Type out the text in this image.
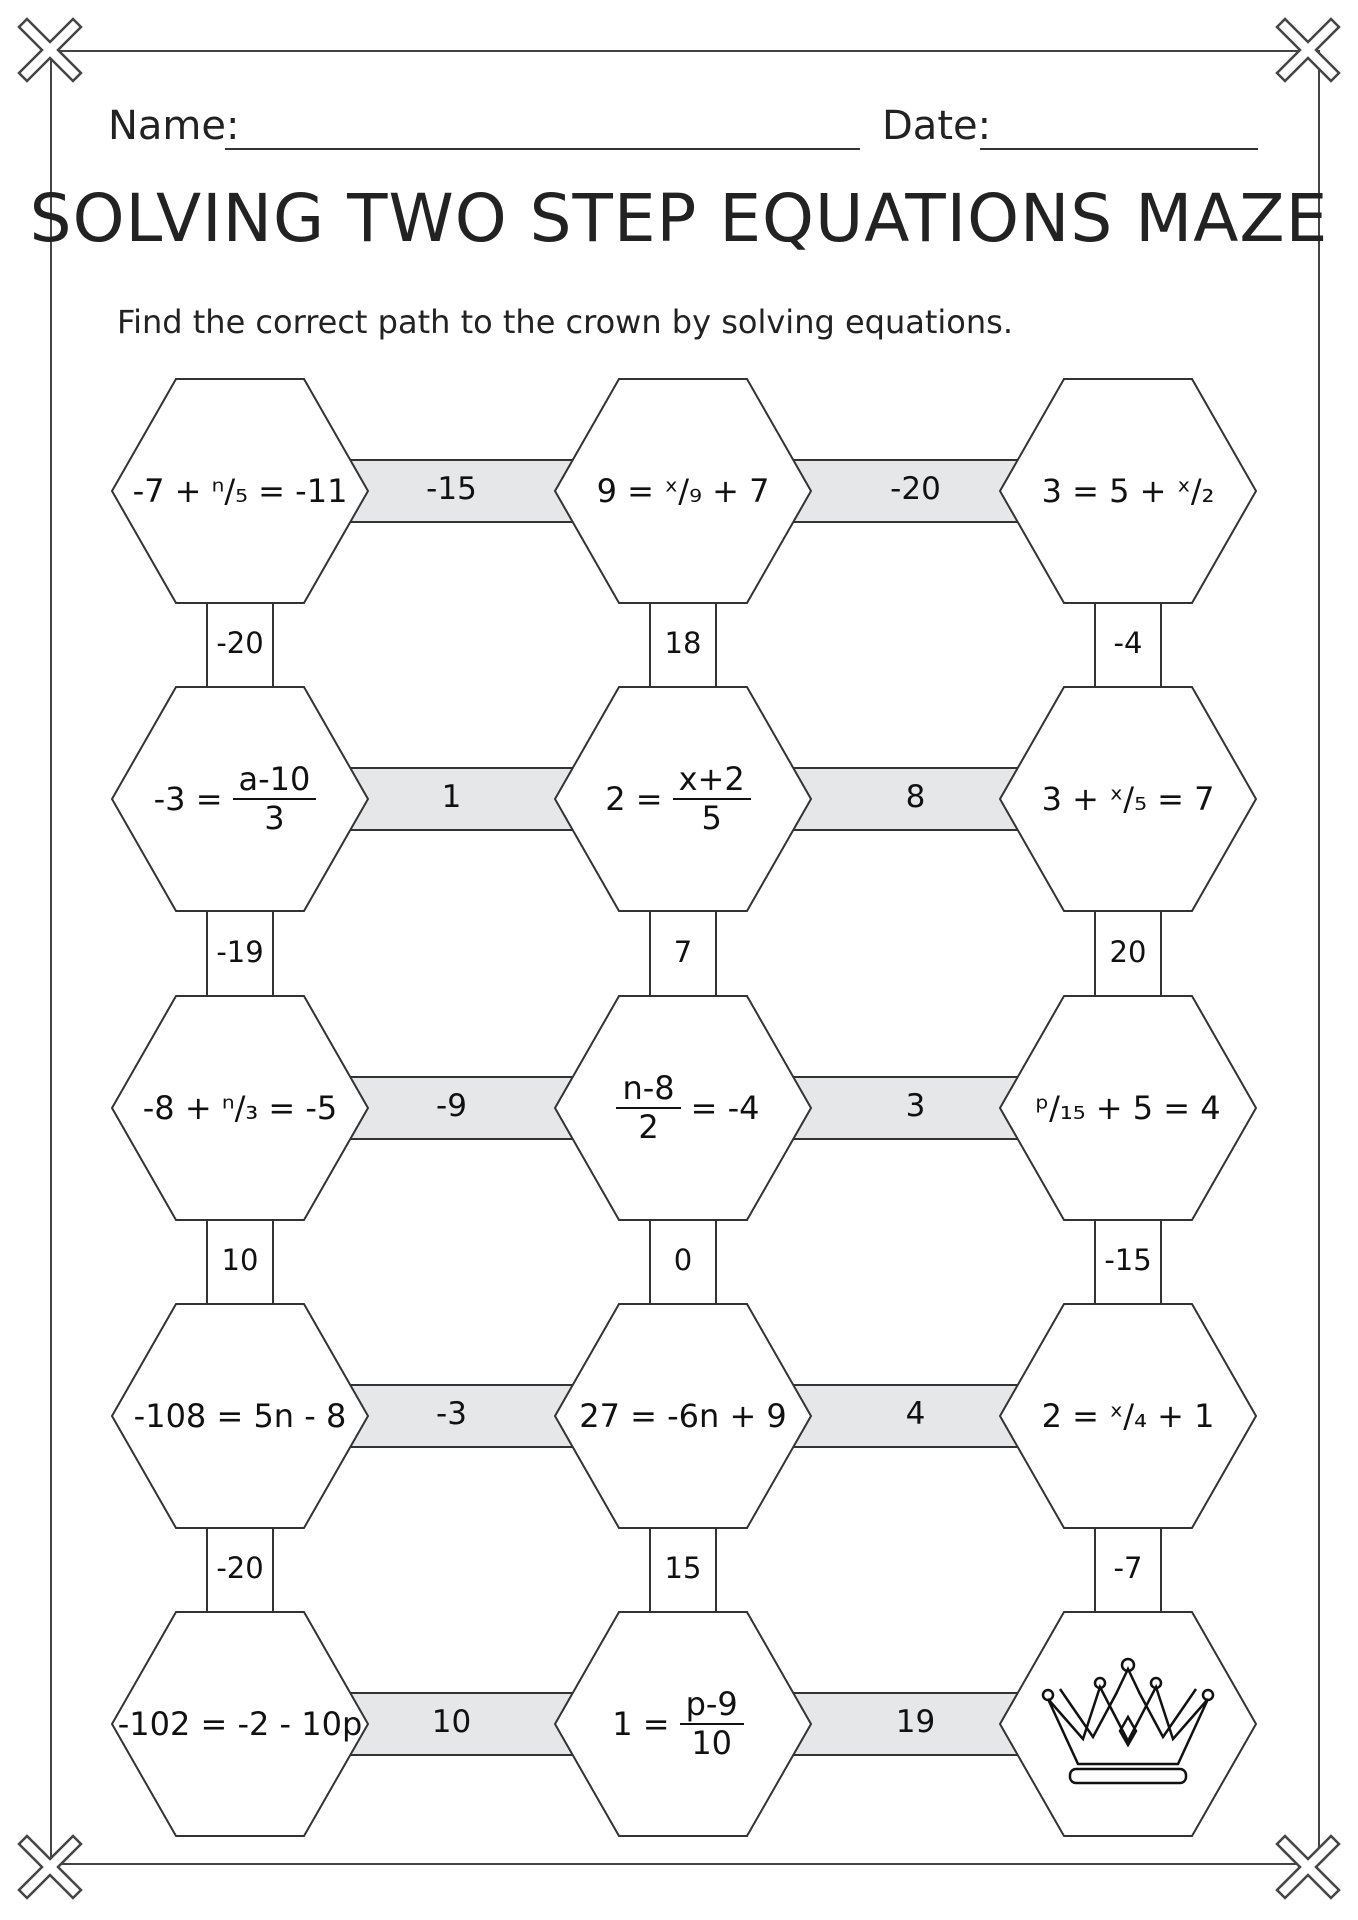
Name:	Date:
SOLVING TWO STEP EQUATIONS MAZE
Find the correct path to the crown by solving equations.
-20	18	-4
-19	7	20
10	0	-15
-20	15	-7
-15	-20
1	8
-9	3
-3	4
10	19
-7 + ⁿ/₅ = -11	9 = ˣ/₉ + 7	3 = 5 + ˣ/₂
$-3 = \frac{a-10}{3}$	$2 = \frac{x+2}{5}$	3 + ˣ/₅ = 7
-8 + ⁿ/₃ = -5	$\frac{n-8}{2} = -4$	ᵖ/₁₅ + 5 = 4
-108 = 5n - 8	27 = -6n + 9	2 = ˣ/₄ + 1
-102 = -2 - 10p	$1 = \frac{p-9}{10}$
